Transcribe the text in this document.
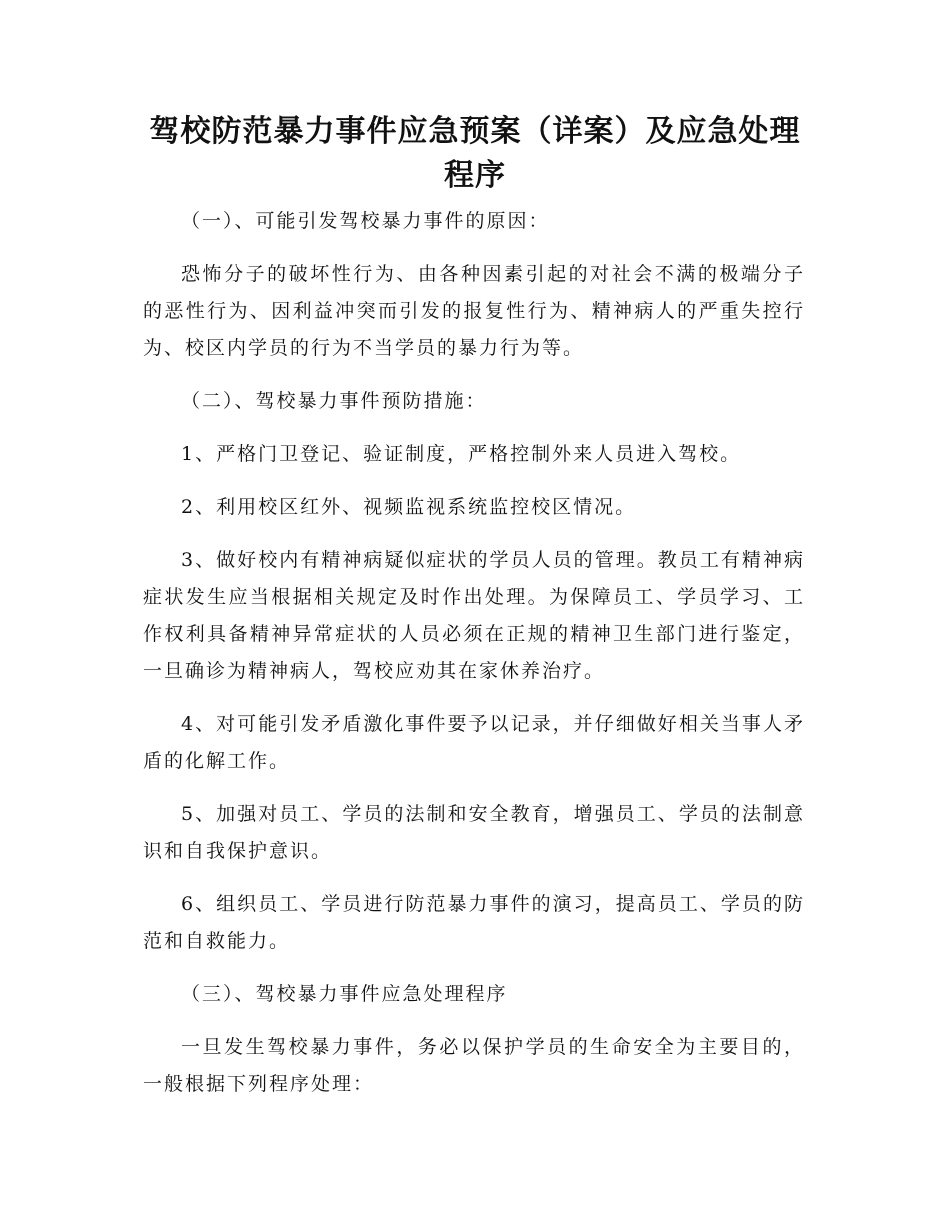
驾校防范暴力事件应急预案（详案）及应急处理程序

（一）、可能引发驾校暴力事件的原因：

恐怖分子的破坏性行为、由各种因素引起的对社会不满的极端分子的恶性行为、因利益冲突而引发的报复性行为、精神病人的严重失控行为、校区内学员的行为不当学员的暴力行为等。

（二）、驾校暴力事件预防措施：

1、严格门卫登记、验证制度，严格控制外来人员进入驾校。

2、利用校区红外、视频监视系统监控校区情况。

3、做好校内有精神病疑似症状的学员人员的管理。教员工有精神病症状发生应当根据相关规定及时作出处理。为保障员工、学员学习、工作权利具备精神异常症状的人员必须在正规的精神卫生部门进行鉴定，一旦确诊为精神病人，驾校应劝其在家休养治疗。

4、对可能引发矛盾激化事件要予以记录，并仔细做好相关当事人矛盾的化解工作。

5、加强对员工、学员的法制和安全教育，增强员工、学员的法制意识和自我保护意识。

6、组织员工、学员进行防范暴力事件的演习，提高员工、学员的防范和自救能力。

（三）、驾校暴力事件应急处理程序

一旦发生驾校暴力事件，务必以保护学员的生命安全为主要目的，一般根据下列程序处理：
